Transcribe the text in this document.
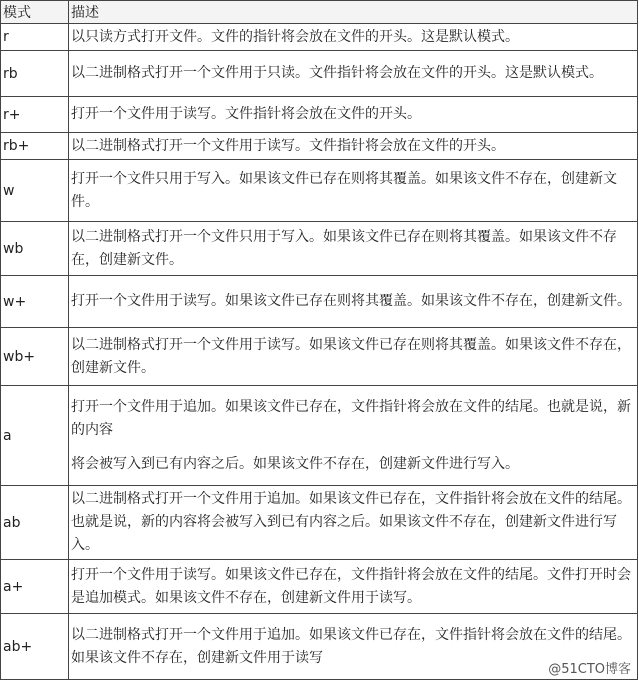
模式	描述
r	以只读方式打开文件。文件的指针将会放在文件的开头。这是默认模式。

rb	以二进制格式打开一个文件用于只读。文件指针将会放在文件的开头。这是默认模式。

r+	打开一个文件用于读写。文件指针将会放在文件的开头。

rb+	以二进制格式打开一个文件用于读写。文件指针将会放在文件的开头。

w	打开一个文件只用于写入。如果该文件已存在则将其覆盖。如果该文件不存在，创建新文件。

wb	以二进制格式打开一个文件只用于写入。如果该文件已存在则将其覆盖。如果该文件不存在，创建新文件。

w+	打开一个文件用于读写。如果该文件已存在则将其覆盖。如果该文件不存在，创建新文件。

wb+	以二进制格式打开一个文件用于读写。如果该文件已存在则将其覆盖。如果该文件不存在，创建新文件。

a	打开一个文件用于追加。如果该文件已存在，文件指针将会放在文件的结尾。也就是说，新的内容

将会被写入到已有内容之后。如果该文件不存在，创建新文件进行写入。

ab	以二进制格式打开一个文件用于追加。如果该文件已存在，文件指针将会放在文件的结尾。也就是说，新的内容将会被写入到已有内容之后。如果该文件不存在，创建新文件进行写入。

a+	打开一个文件用于读写。如果该文件已存在，文件指针将会放在文件的结尾。文件打开时会是追加模式。如果该文件不存在，创建新文件用于读写。

ab+	以二进制格式打开一个文件用于追加。如果该文件已存在，文件指针将会放在文件的结尾。如果该文件不存在，创建新文件用于读写

@51CTO博客
